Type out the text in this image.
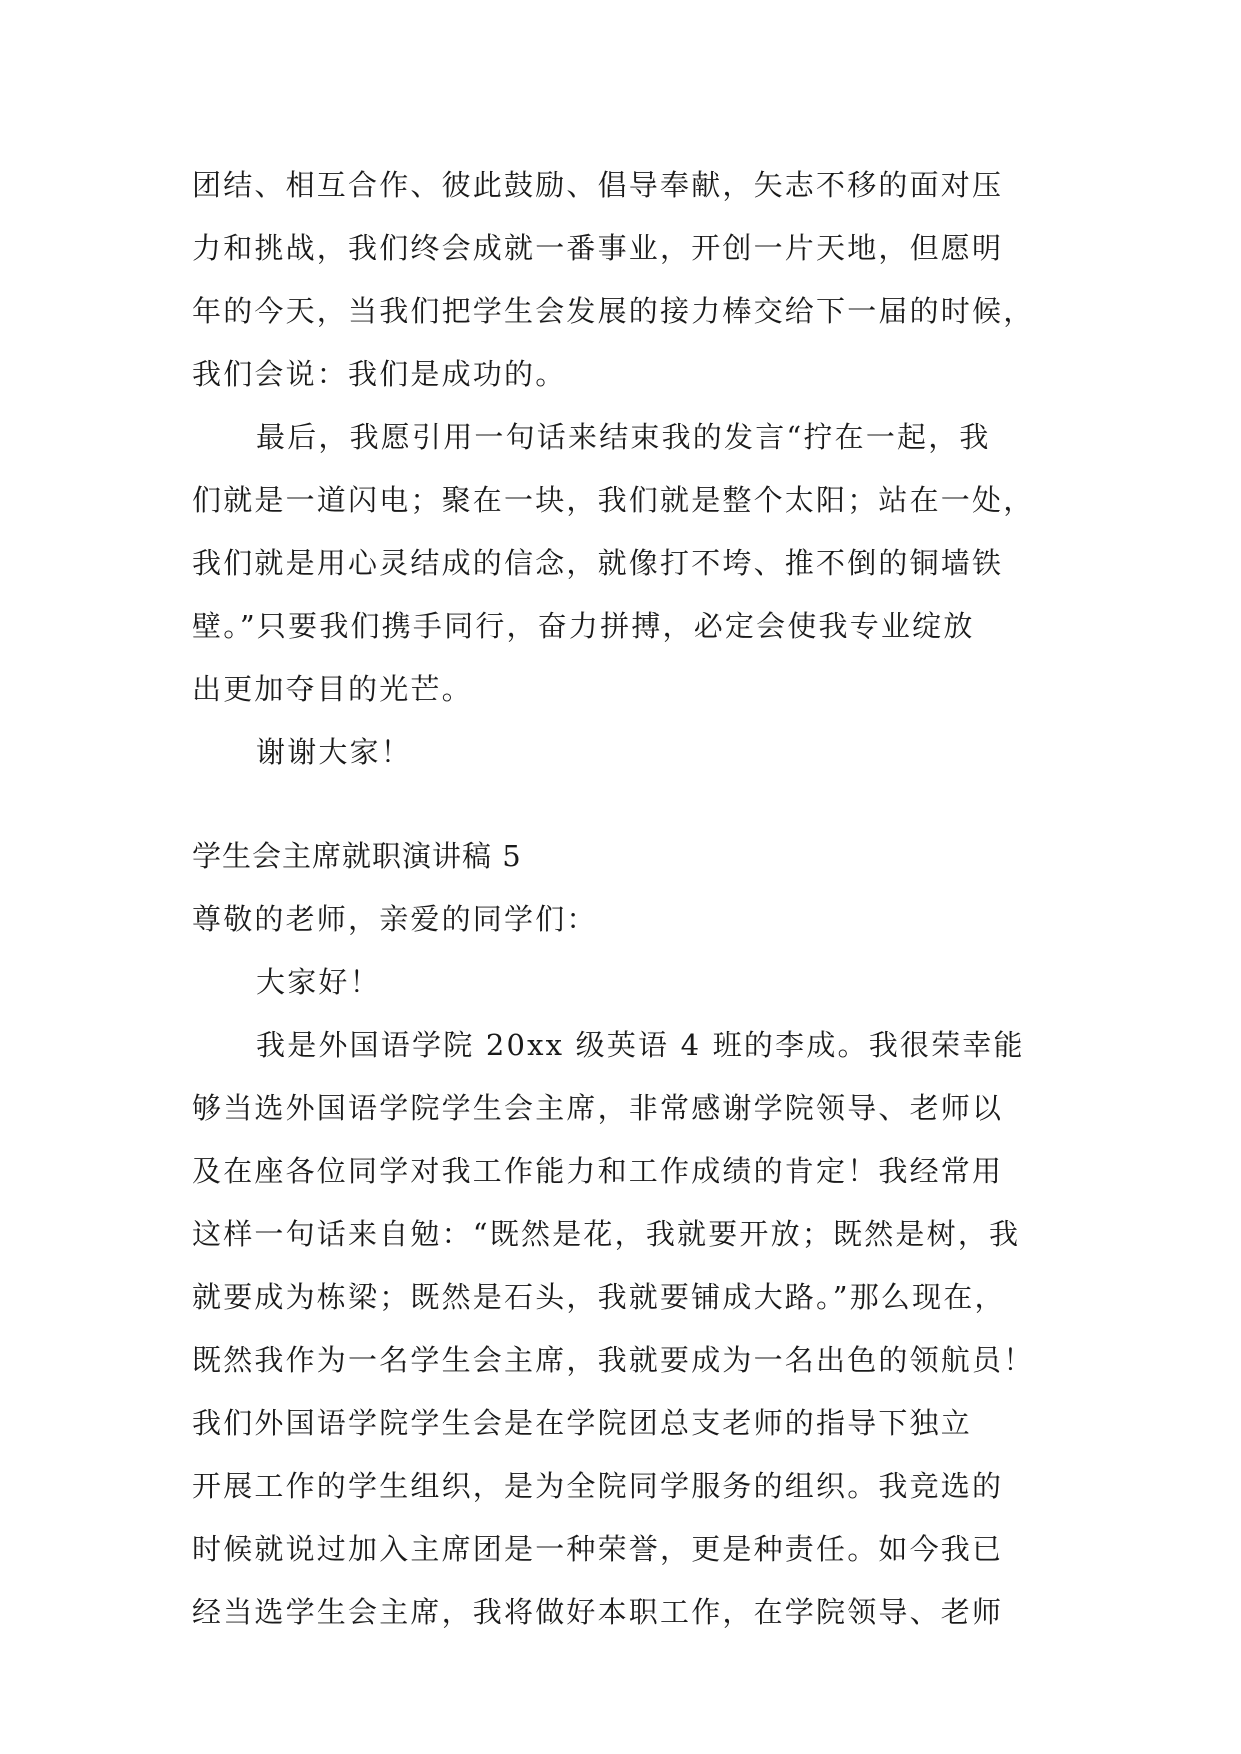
团结、相互合作、彼此鼓励、倡导奉献，矢志不移的面对压
力和挑战，我们终会成就一番事业，开创一片天地，但愿明
年的今天，当我们把学生会发展的接力棒交给下一届的时候，
我们会说：我们是成功的。
最后，我愿引用一句话来结束我的发言“拧在一起，我
们就是一道闪电；聚在一块，我们就是整个太阳；站在一处，
我们就是用心灵结成的信念，就像打不垮、推不倒的铜墙铁
壁。”只要我们携手同行，奋力拼搏，必定会使我专业绽放
出更加夺目的光芒。
谢谢大家！
学生会主席就职演讲稿 5
尊敬的老师，亲爱的同学们：
大家好！
我是外国语学院 20xx 级英语 4 班的李成。我很荣幸能
够当选外国语学院学生会主席，非常感谢学院领导、老师以
及在座各位同学对我工作能力和工作成绩的肯定！我经常用
这样一句话来自勉：“既然是花，我就要开放；既然是树，我
就要成为栋梁；既然是石头，我就要铺成大路。”那么现在，
既然我作为一名学生会主席，我就要成为一名出色的领航员！
我们外国语学院学生会是在学院团总支老师的指导下独立
开展工作的学生组织，是为全院同学服务的组织。我竞选的
时候就说过加入主席团是一种荣誉，更是种责任。如今我已
经当选学生会主席，我将做好本职工作，在学院领导、老师
